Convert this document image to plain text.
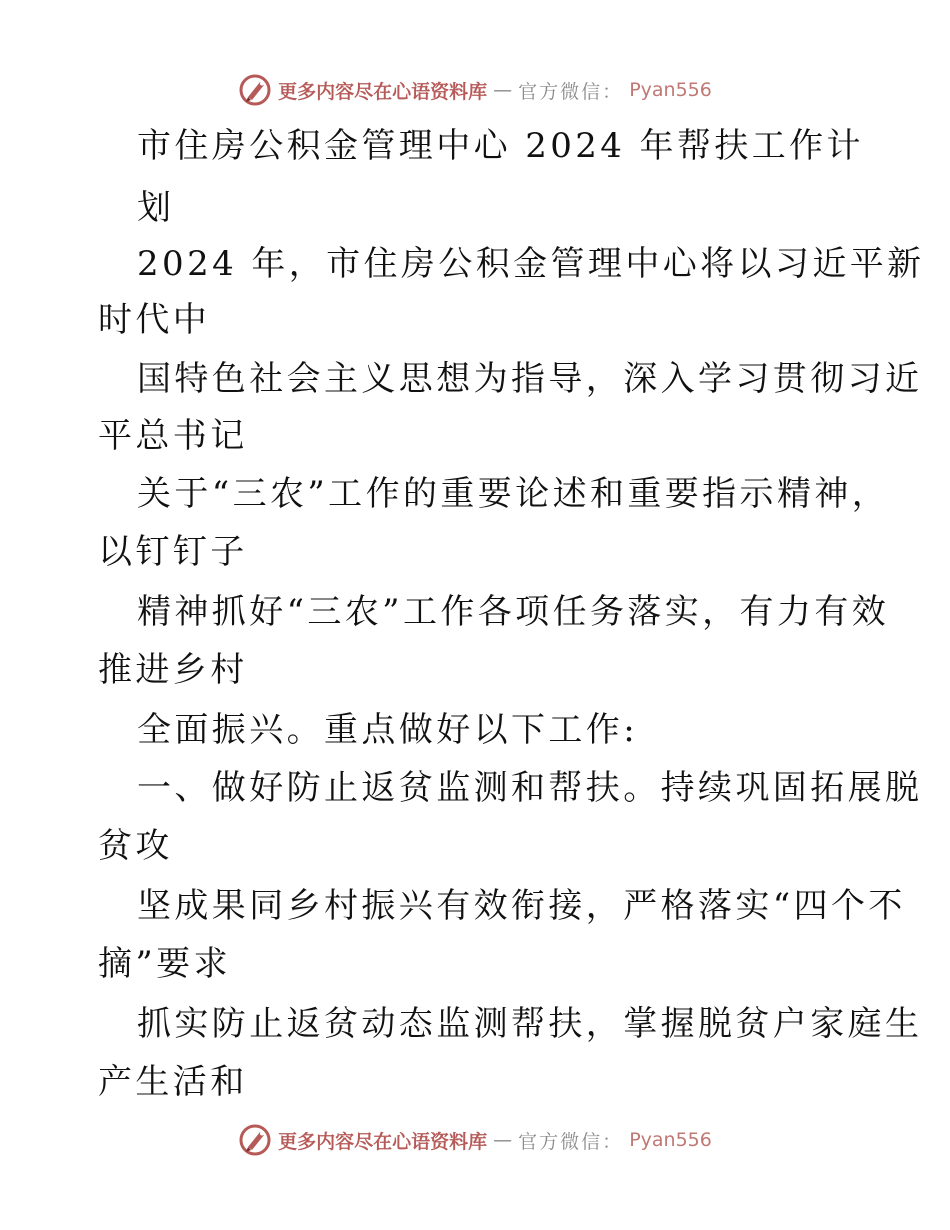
更多内容尽在心语资料库 — 官方微信： Pyan556
市住房公积金管理中心 2024 年帮扶工作计
划
2024 年，市住房公积金管理中心将以习近平新
时代中
国特色社会主义思想为指导，深入学习贯彻习近
平总书记
关于“三农”工作的重要论述和重要指示精神，
以钉钉子
精神抓好“三农”工作各项任务落实，有力有效
推进乡村
全面振兴。重点做好以下工作:
一、做好防止返贫监测和帮扶。持续巩固拓展脱
贫攻
坚成果同乡村振兴有效衔接，严格落实“四个不
摘”要求
抓实防止返贫动态监测帮扶，掌握脱贫户家庭生
产生活和
更多内容尽在心语资料库 — 官方微信： Pyan556
